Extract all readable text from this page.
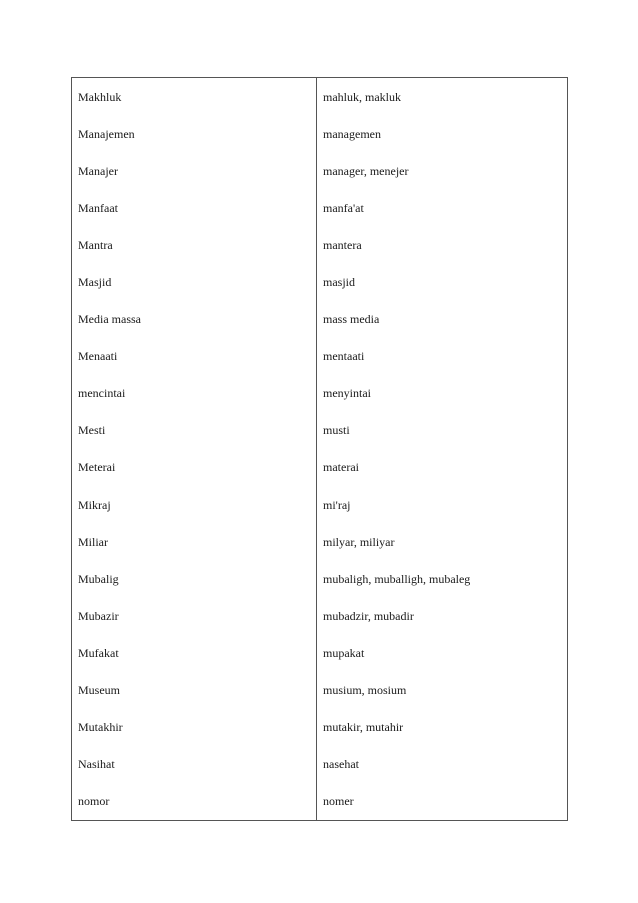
Makhluk	mahluk, makluk
Manajemen	managemen
Manajer	manager, menejer
Manfaat	manfa'at
Mantra	mantera
Masjid	masjid
Media massa	mass media
Menaati	mentaati
mencintai	menyintai
Mesti	musti
Meterai	materai
Mikraj	mi'raj
Miliar	milyar, miliyar
Mubalig	mubaligh, muballigh, mubaleg
Mubazir	mubadzir, mubadir
Mufakat	mupakat
Museum	musium, mosium
Mutakhir	mutakir, mutahir
Nasihat	nasehat
nomor	nomer
